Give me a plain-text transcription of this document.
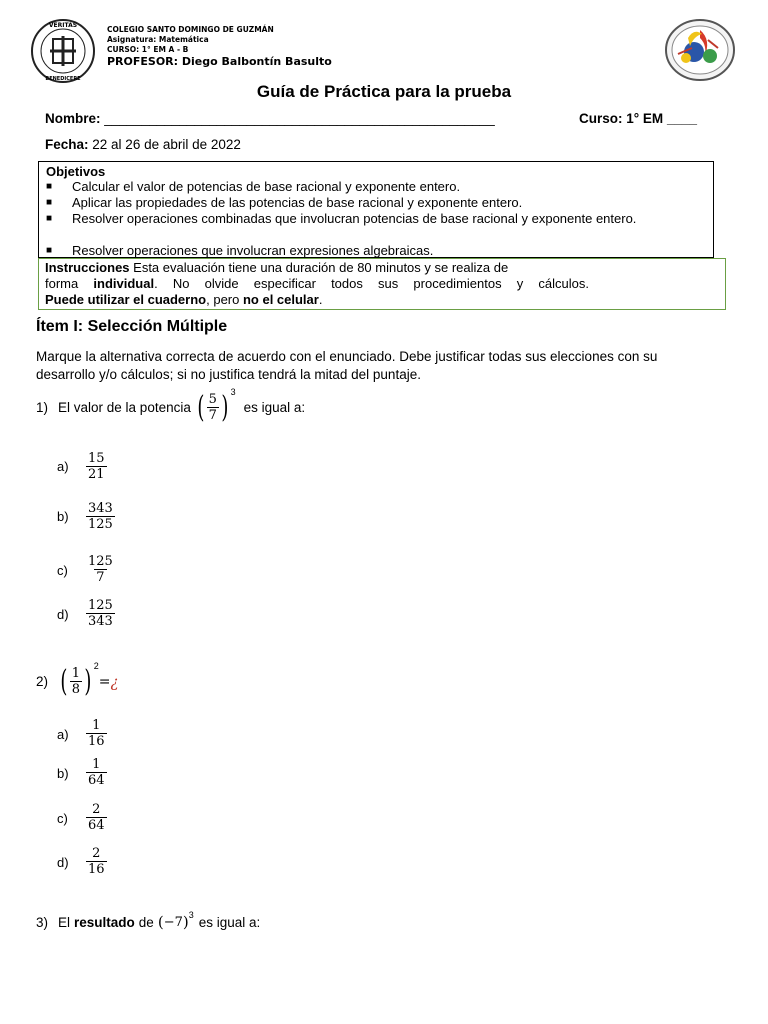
VERITAS
BENEDICERE
COLEGIO SANTO DOMINGO DE GUZMÁN
Asignatura: Matemática
CURSO: 1° EM A - B
PROFESOR: Diego Balbontín Basulto
Guía de Práctica para la prueba
Nombre: ____________________________________________________	Curso: 1° EM ____
Fecha: 22 al 26 de abril de 2022
Objetivos
■	Calcular el valor de potencias de base racional y exponente entero.
■	Aplicar las propiedades de las potencias de base racional y exponente entero.
■	Resolver operaciones combinadas que involucran potencias de base racional y exponente entero.
■	Resolver operaciones que involucran expresiones algebraicas.
Instrucciones Esta evaluación tiene una duración de 80 minutos y se realiza de
forma individual. No olvide especificar todos sus procedimientos y cálculos.
Puede utilizar el cuaderno, pero no el celular.
Ítem I: Selección Múltiple
Marque la alternativa correcta de acuerdo con el enunciado. Debe justificar todas sus elecciones con su desarrollo y/o cálculos; si no justifica tendrá la mitad del puntaje.
1) El valor de la potencia ( $\frac{5}{7}$ ) 3
es igual a:
$a) \frac{15}{21}$
$b) \frac{343}{125}$
$c) \frac{125}{7}$
$d) \frac{125}{343}$
2) ( $\frac{1}{8}$ ) 2
= ¿
$a) \frac{1}{16}$
$b) \frac{1}{64}$
$c) \frac{2}{64}$
$d) \frac{2}{16}$
3) El resultado de ( −7 ) 3 es igual a:
